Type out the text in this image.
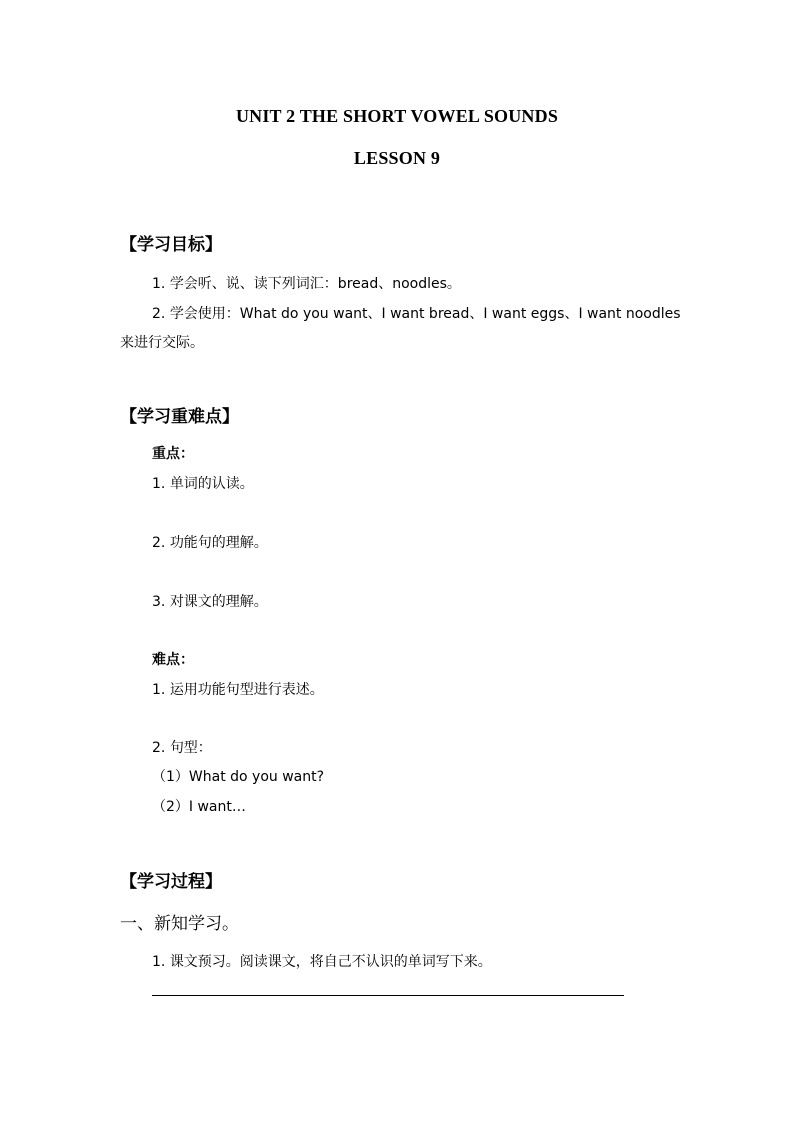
UNIT 2 THE SHORT VOWEL SOUNDS
LESSON 9
【学习目标】
1. 学会听、说、读下列词汇：bread、noodles。
2. 学会使用：What do you want、I want bread、I want eggs、I want noodles
来进行交际。
【学习重难点】
重点：
1. 单词的认读。
2. 功能句的理解。
3. 对课文的理解。
难点：
1. 运用功能句型进行表述。
2. 句型：
（1）What do you want?
（2）I want…
【学习过程】
一、新知学习。
1. 课文预习。阅读课文，将自己不认识的单词写下来。
